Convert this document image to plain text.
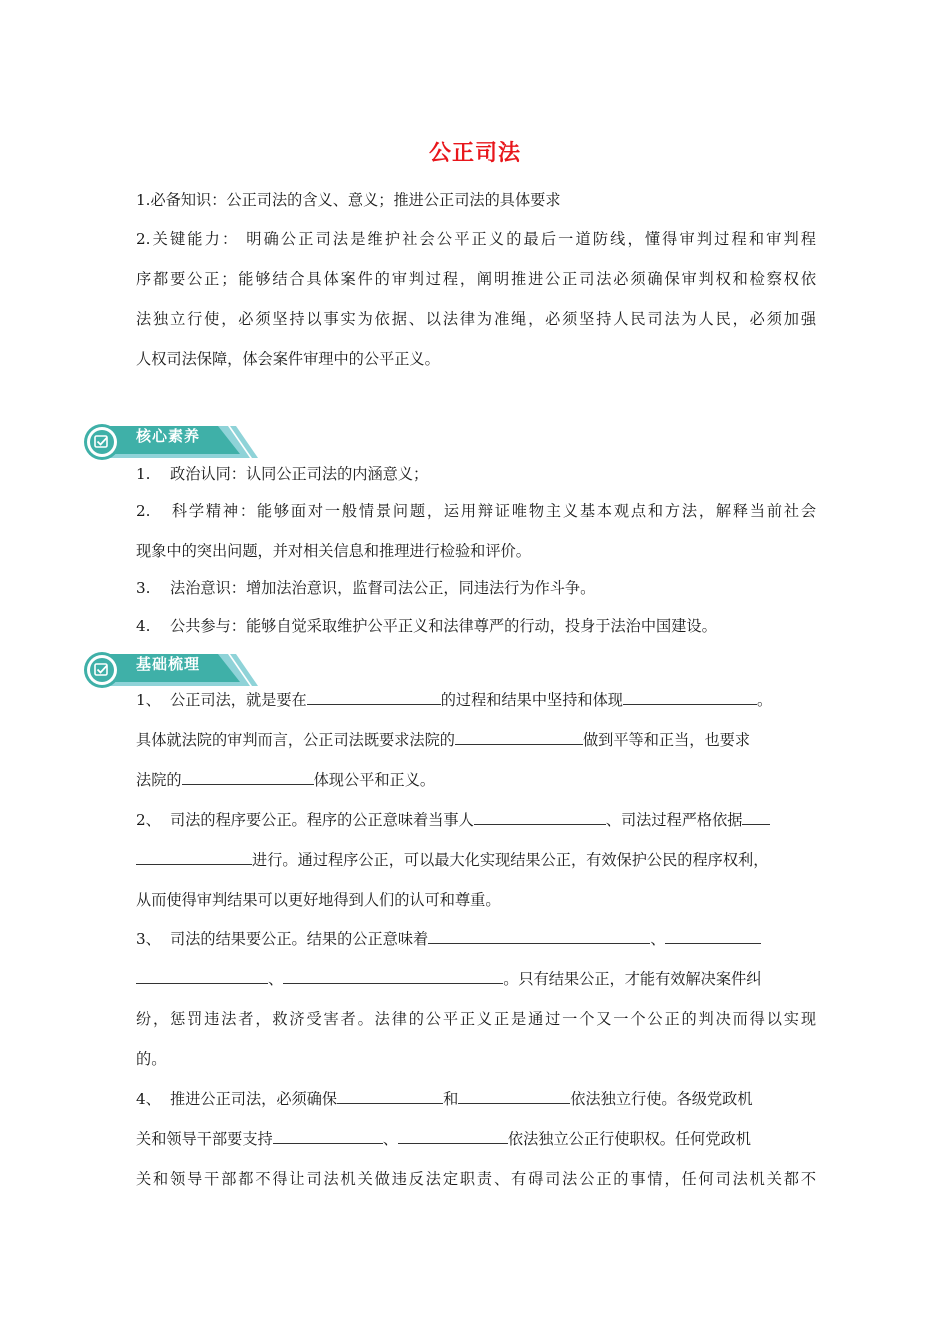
公正司法
1.必备知识：公正司法的含义、意义；推进公正司法的具体要求
2.关键能力： 明确公正司法是维护社会公平正义的最后一道防线，懂得审判过程和审判程
序都要公正；能够结合具体案件的审判过程，阐明推进公正司法必须确保审判权和检察权依
法独立行使，必须坚持以事实为依据、以法律为准绳，必须坚持人民司法为人民，必须加强
人权司法保障，体会案件审理中的公平正义。
核心素养
1. 政治认同：认同公正司法的内涵意义；
2. 科学精神：能够面对一般情景问题，运用辩证唯物主义基本观点和方法，解释当前社会
现象中的突出问题，并对相关信息和推理进行检验和评价。
3. 法治意识：增加法治意识，监督司法公正，同违法行为作斗争。
4. 公共参与：能够自觉采取维护公平正义和法律尊严的行动，投身于法治中国建设。
基础梳理
1、 公正司法，就是要在	的过程和结果中坚持和体现	。
具体就法院的审判而言，公正司法既要求法院的	做到平等和正当，也要求
法院的	体现公平和正义。
2、 司法的程序要公正。程序的公正意味着当事人	、司法过程严格依据
进行。通过程序公正，可以最大化实现结果公正，有效保护公民的程序权利，
从而使得审判结果可以更好地得到人们的认可和尊重。
3、 司法的结果要公正。结果的公正意味着	、
、	。只有结果公正，才能有效解决案件纠
纷，惩罚违法者，救济受害者。法律的公平正义正是通过一个又一个公正的判决而得以实现
的。
4、 推进公正司法，必须确保	和	依法独立行使。各级党政机
关和领导干部要支持	、	依法独立公正行使职权。任何党政机
关和领导干部都不得让司法机关做违反法定职责、有碍司法公正的事情，任何司法机关都不
